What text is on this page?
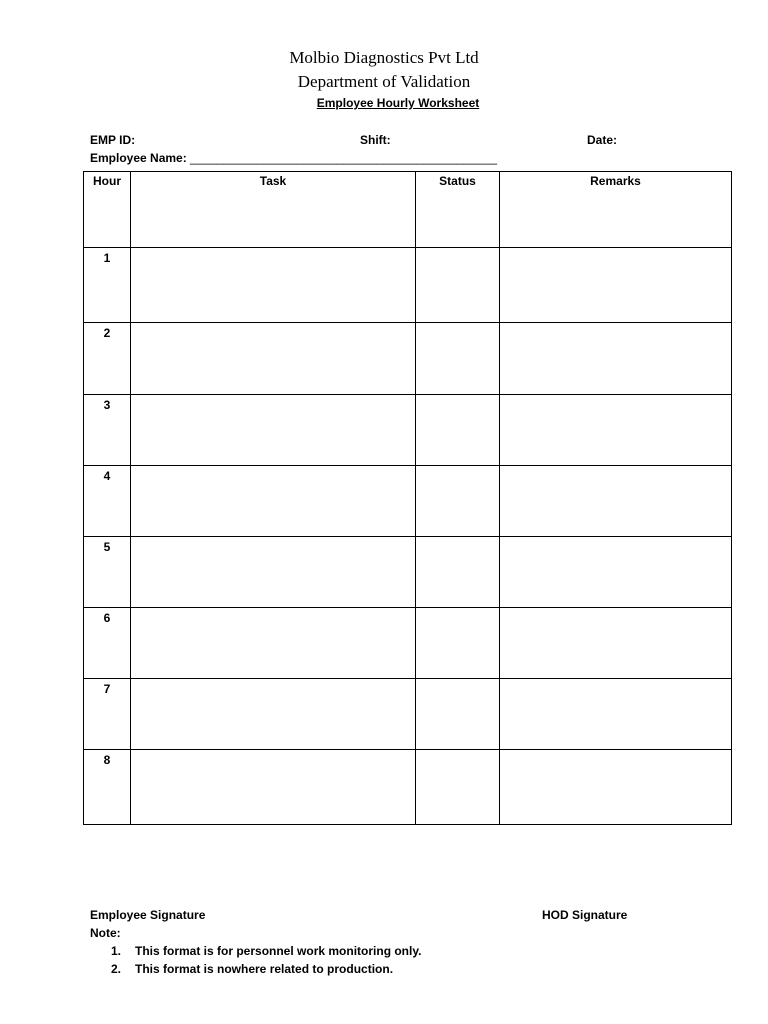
Molbio Diagnostics Pvt Ltd
Department of Validation
Employee Hourly Worksheet
EMP ID:	Shift:	Date:
Employee Name: ______________________________________________
Hour	Task	Status	Remarks
1			
2			
3			
4			
5			
6			
7			
8			
Employee Signature	HOD Signature
Note:
1. This format is for personnel work monitoring only.
2. This format is nowhere related to production.
